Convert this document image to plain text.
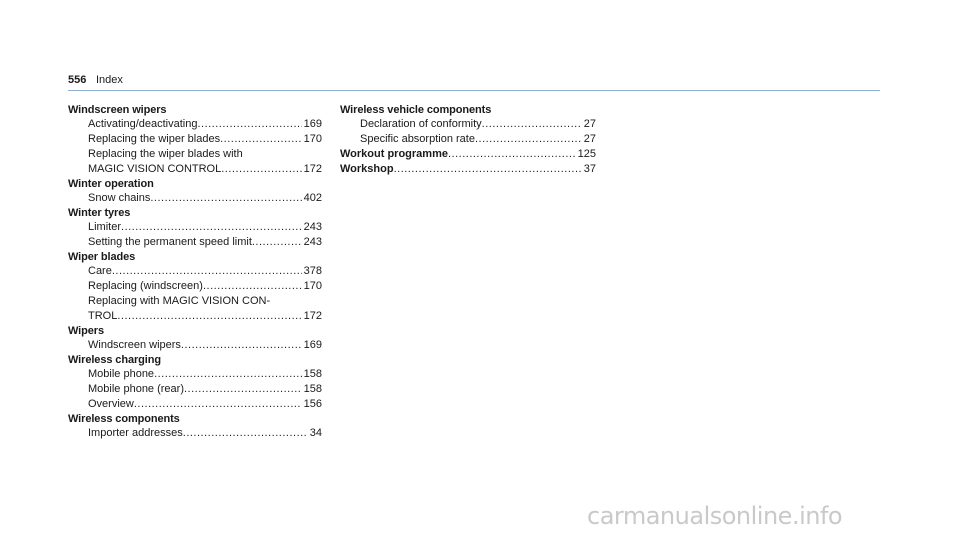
556 Index
Windscreen wipers
Activating/deactivating .....	169
Replacing the wiper blades .....	170
Replacing the wiper blades with
MAGIC VISION CONTROL .....	172
Winter operation
Snow chains .....	402
Winter tyres
Limiter .....	243
Setting the permanent speed limit .....	243
Wiper blades
Care .....	378
Replacing (windscreen) .....	170
Replacing with MAGIC VISION CON-
TROL .....	172
Wipers
Windscreen wipers .....	169
Wireless charging
Mobile phone .....	158
Mobile phone (rear) .....	158
Overview .....	156
Wireless components
Importer addresses .....	34
Wireless vehicle components
Declaration of conformity .....	27
Specific absorption rate .....	27
Workout programme .....	125
Workshop .....	37
carmanualsonline.info
